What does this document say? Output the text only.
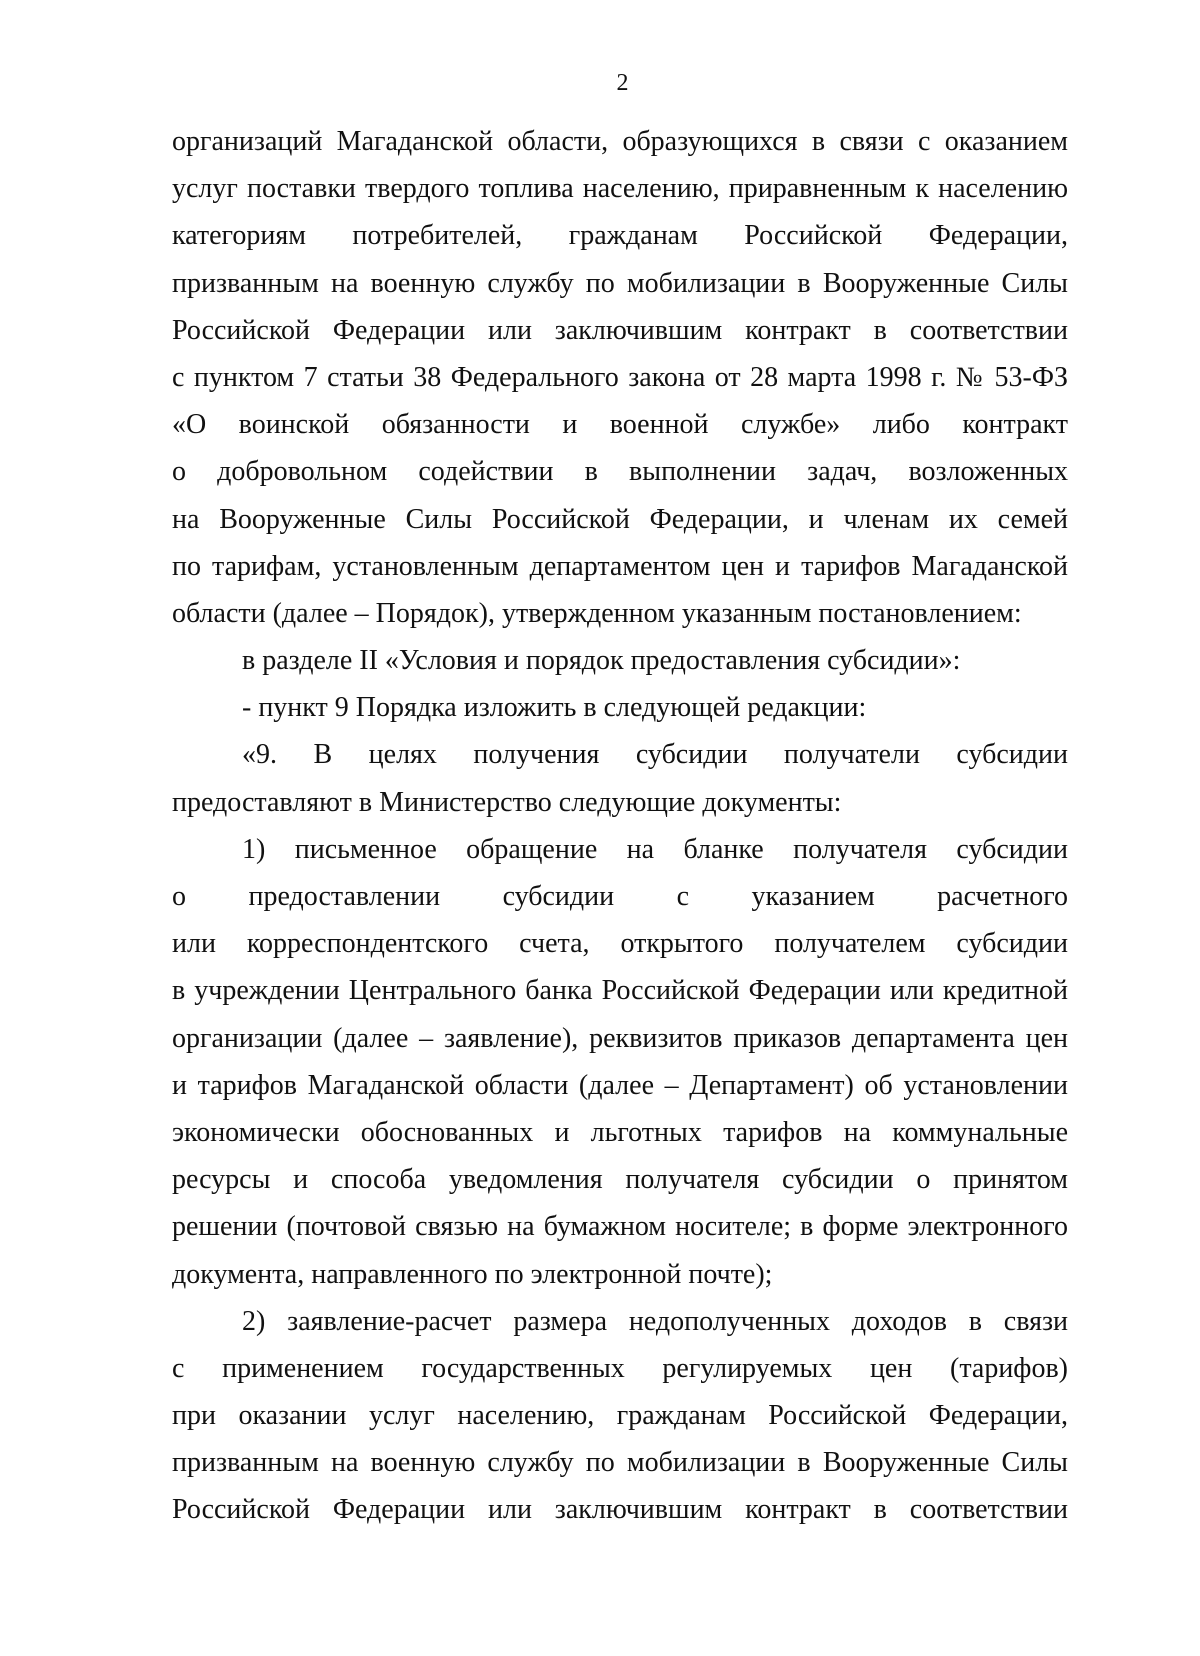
2
организаций Магаданской области, образующихся в связи с оказанием
услуг поставки твердого топлива населению, приравненным к населению
категориям потребителей, гражданам Российской Федерации,
призванным на военную службу по мобилизации в Вооруженные Силы
Российской Федерации или заключившим контракт в соответствии
с пунктом 7 статьи 38 Федерального закона от 28 марта 1998 г. № 53-ФЗ
«О воинской обязанности и военной службе» либо контракт
о добровольном содействии в выполнении задач, возложенных
на Вооруженные Силы Российской Федерации, и членам их семей
по тарифам, установленным департаментом цен и тарифов Магаданской
области (далее – Порядок), утвержденном указанным постановлением:
в разделе II «Условия и порядок предоставления субсидии»:
- пункт 9 Порядка изложить в следующей редакции:
«9. В целях получения субсидии получатели субсидии
предоставляют в Министерство следующие документы:
1) письменное обращение на бланке получателя субсидии
о предоставлении субсидии с указанием расчетного
или корреспондентского счета, открытого получателем субсидии
в учреждении Центрального банка Российской Федерации или кредитной
организации (далее – заявление), реквизитов приказов департамента цен
и тарифов Магаданской области (далее – Департамент) об установлении
экономически обоснованных и льготных тарифов на коммунальные
ресурсы и способа уведомления получателя субсидии о принятом
решении (почтовой связью на бумажном носителе; в форме электронного
документа, направленного по электронной почте);
2) заявление-расчет размера недополученных доходов в связи
с применением государственных регулируемых цен (тарифов)
при оказании услуг населению, гражданам Российской Федерации,
призванным на военную службу по мобилизации в Вооруженные Силы
Российской Федерации или заключившим контракт в соответствии
